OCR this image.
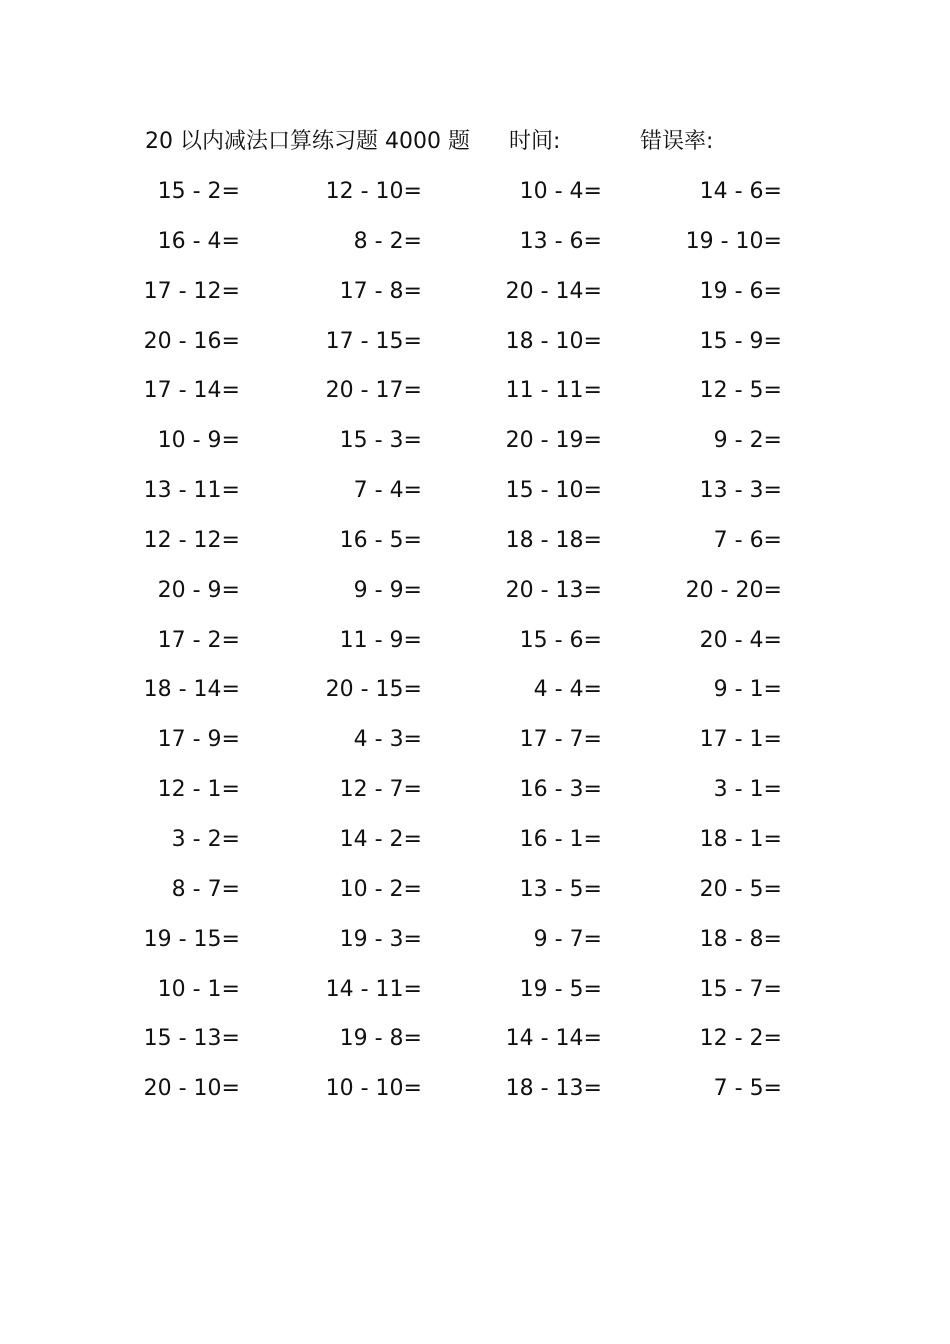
20 以内减法口算练习题 4000 题 时间:	错误率:
15 - 2=	12 - 10=	10 - 4=	14 - 6=
16 - 4=	8 - 2=	13 - 6=	19 - 10=
17 - 12=	17 - 8=	20 - 14=	19 - 6=
20 - 16=	17 - 15=	18 - 10=	15 - 9=
17 - 14=	20 - 17=	11 - 11=	12 - 5=
10 - 9=	15 - 3=	20 - 19=	9 - 2=
13 - 11=	7 - 4=	15 - 10=	13 - 3=
12 - 12=	16 - 5=	18 - 18=	7 - 6=
20 - 9=	9 - 9=	20 - 13=	20 - 20=
17 - 2=	11 - 9=	15 - 6=	20 - 4=
18 - 14=	20 - 15=	4 - 4=	9 - 1=
17 - 9=	4 - 3=	17 - 7=	17 - 1=
12 - 1=	12 - 7=	16 - 3=	3 - 1=
3 - 2=	14 - 2=	16 - 1=	18 - 1=
8 - 7=	10 - 2=	13 - 5=	20 - 5=
19 - 15=	19 - 3=	9 - 7=	18 - 8=
10 - 1=	14 - 11=	19 - 5=	15 - 7=
15 - 13=	19 - 8=	14 - 14=	12 - 2=
20 - 10=	10 - 10=	18 - 13=	7 - 5=
